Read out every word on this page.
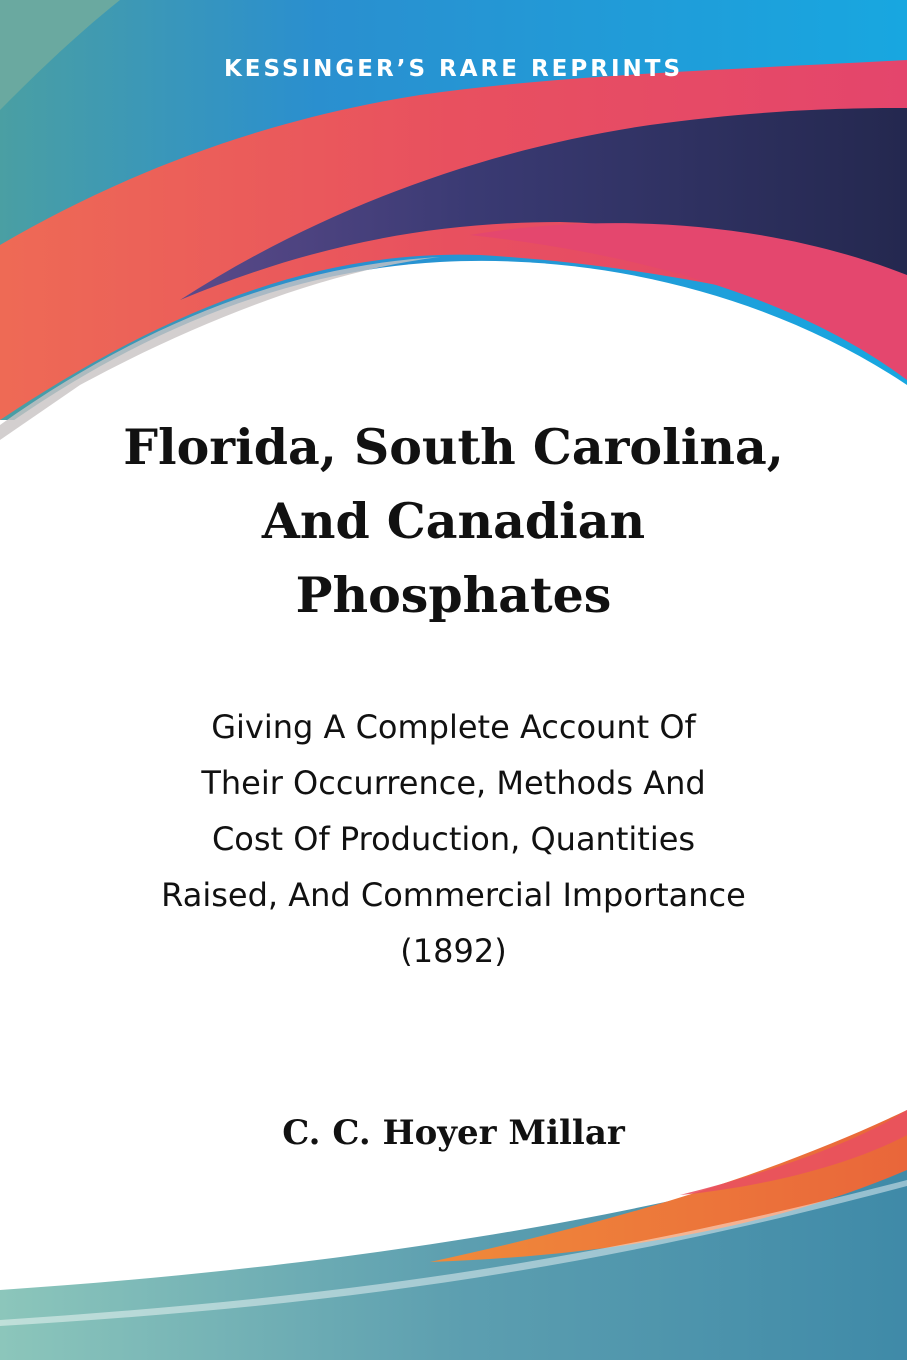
KESSINGER’S RARE REPRINTS
Florida, South Carolina,
And Canadian
Phosphates
Giving A Complete Account Of
Their Occurrence, Methods And
Cost Of Production, Quantities
Raised, And Commercial Importance
(1892)
C. C. Hoyer Millar
